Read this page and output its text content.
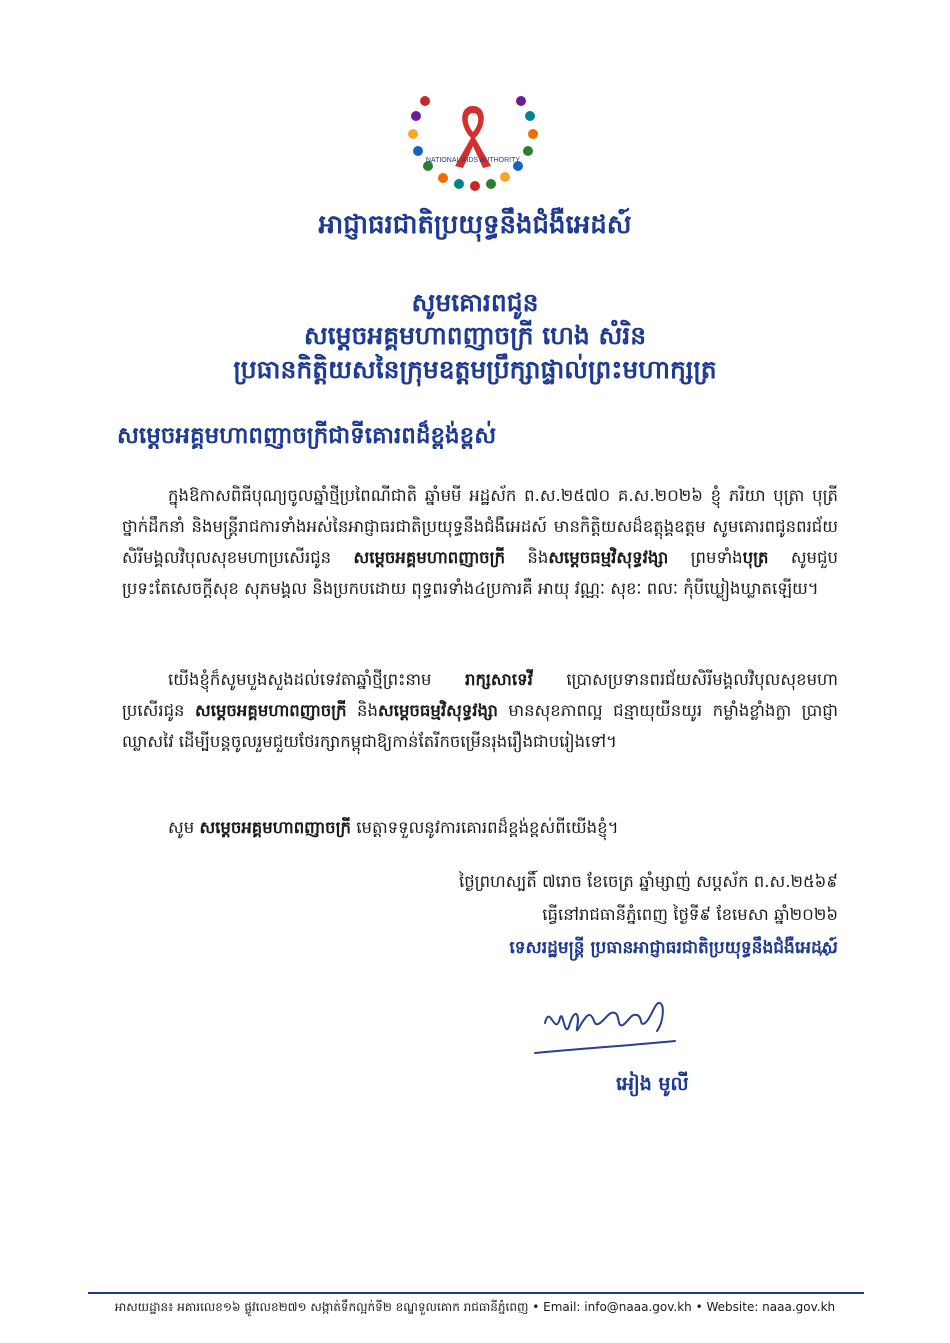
NATIONAL AIDS AUTHORITY
អាជ្ញាធរជាតិប្រយុទ្ធនឹងជំងឺអេដស៍
សូមគោរពជូន
សម្តេចអគ្គមហាពញាចក្រី ហេង សំរិន
ប្រធានកិត្តិយសនៃក្រុមឧត្តមប្រឹក្សាផ្ទាល់ព្រះមហាក្សត្រ
សម្តេចអគ្គមហាពញាចក្រីជាទីគោរពដ៏ខ្ពង់ខ្ពស់
ក្នុងឱកាសពិធីបុណ្យចូលឆ្នាំថ្មីប្រពៃណីជាតិ ឆ្នាំមមី អដ្ឋស័ក ព.ស.២៥៧០ គ.ស.២០២៦ ខ្ញុំ ភរិយា បុត្រា បុត្រី ថ្នាក់ដឹកនាំ និងមន្ត្រីរាជការទាំងអស់នៃអាជ្ញាធរជាតិប្រយុទ្ធនឹងជំងឺអេដស៍ មានកិត្តិយសដ៏ឧត្តុង្គឧត្តម សូមគោរពជូនពរជ័យសិរីមង្គលវិបុលសុខមហាប្រសើរជូន សម្តេចអគ្គមហាពញាចក្រី និងសម្តេចធម្មវិសុទ្ធវង្សា ព្រមទាំងបុត្រ សូមជួបប្រទះតែសេចក្តីសុខ សុភមង្គល និងប្រកបដោយ ពុទ្ធពរទាំង៤ប្រការគឺ អាយុ វណ្ណៈ សុខៈ ពលៈ កុំបីឃ្លៀងឃ្លាតឡើយ។
យើងខ្ញុំក៏សូមបួងសួងដល់ទេវតាឆ្នាំថ្មីព្រះនាម រាក្សសាទេវី ប្រោសប្រទានពរជ័យសិរីមង្គលវិបុលសុខមហាប្រសើរជូន សម្តេចអគ្គមហាពញាចក្រី និងសម្តេចធម្មវិសុទ្ធវង្សា មានសុខភាពល្អ ជន្មាយុយឺនយូរ កម្លាំងខ្លាំងក្លា ប្រាជ្ញាឈ្លាសវៃ ដើម្បីបន្តចូលរួមជួយថែរក្សាកម្ពុជាឱ្យកាន់តែរីកចម្រើនរុងរឿងជាបរៀងទៅ។
សូម សម្តេចអគ្គមហាពញាចក្រី មេត្តាទទួលនូវការគោរពដ៏ខ្ពង់ខ្ពស់ពីយើងខ្ញុំ។
ថ្ងៃព្រហស្បតិ៍ ៧រោច ខែចេត្រ ឆ្នាំម្សាញ់ សប្តស័ក ព.ស.២៥៦៩
ធ្វើនៅរាជធានីភ្នំពេញ ថ្ងៃទី៩ ខែមេសា ឆ្នាំ២០២៦
ទេសរដ្ឋមន្ត្រី ប្រធានអាជ្ញាធរជាតិប្រយុទ្ធនឹងជំងឺអេដស៍
អៀង មូលី
អាសយដ្ឋាន៖ អគារលេខ១៦ ផ្លូវលេខ២៧១ សង្កាត់ទឹកល្អក់ទី២ ខណ្ឌទួលគោក រាជធានីភ្នំពេញ • Email: info@naaa.gov.kh • Website: naaa.gov.kh
